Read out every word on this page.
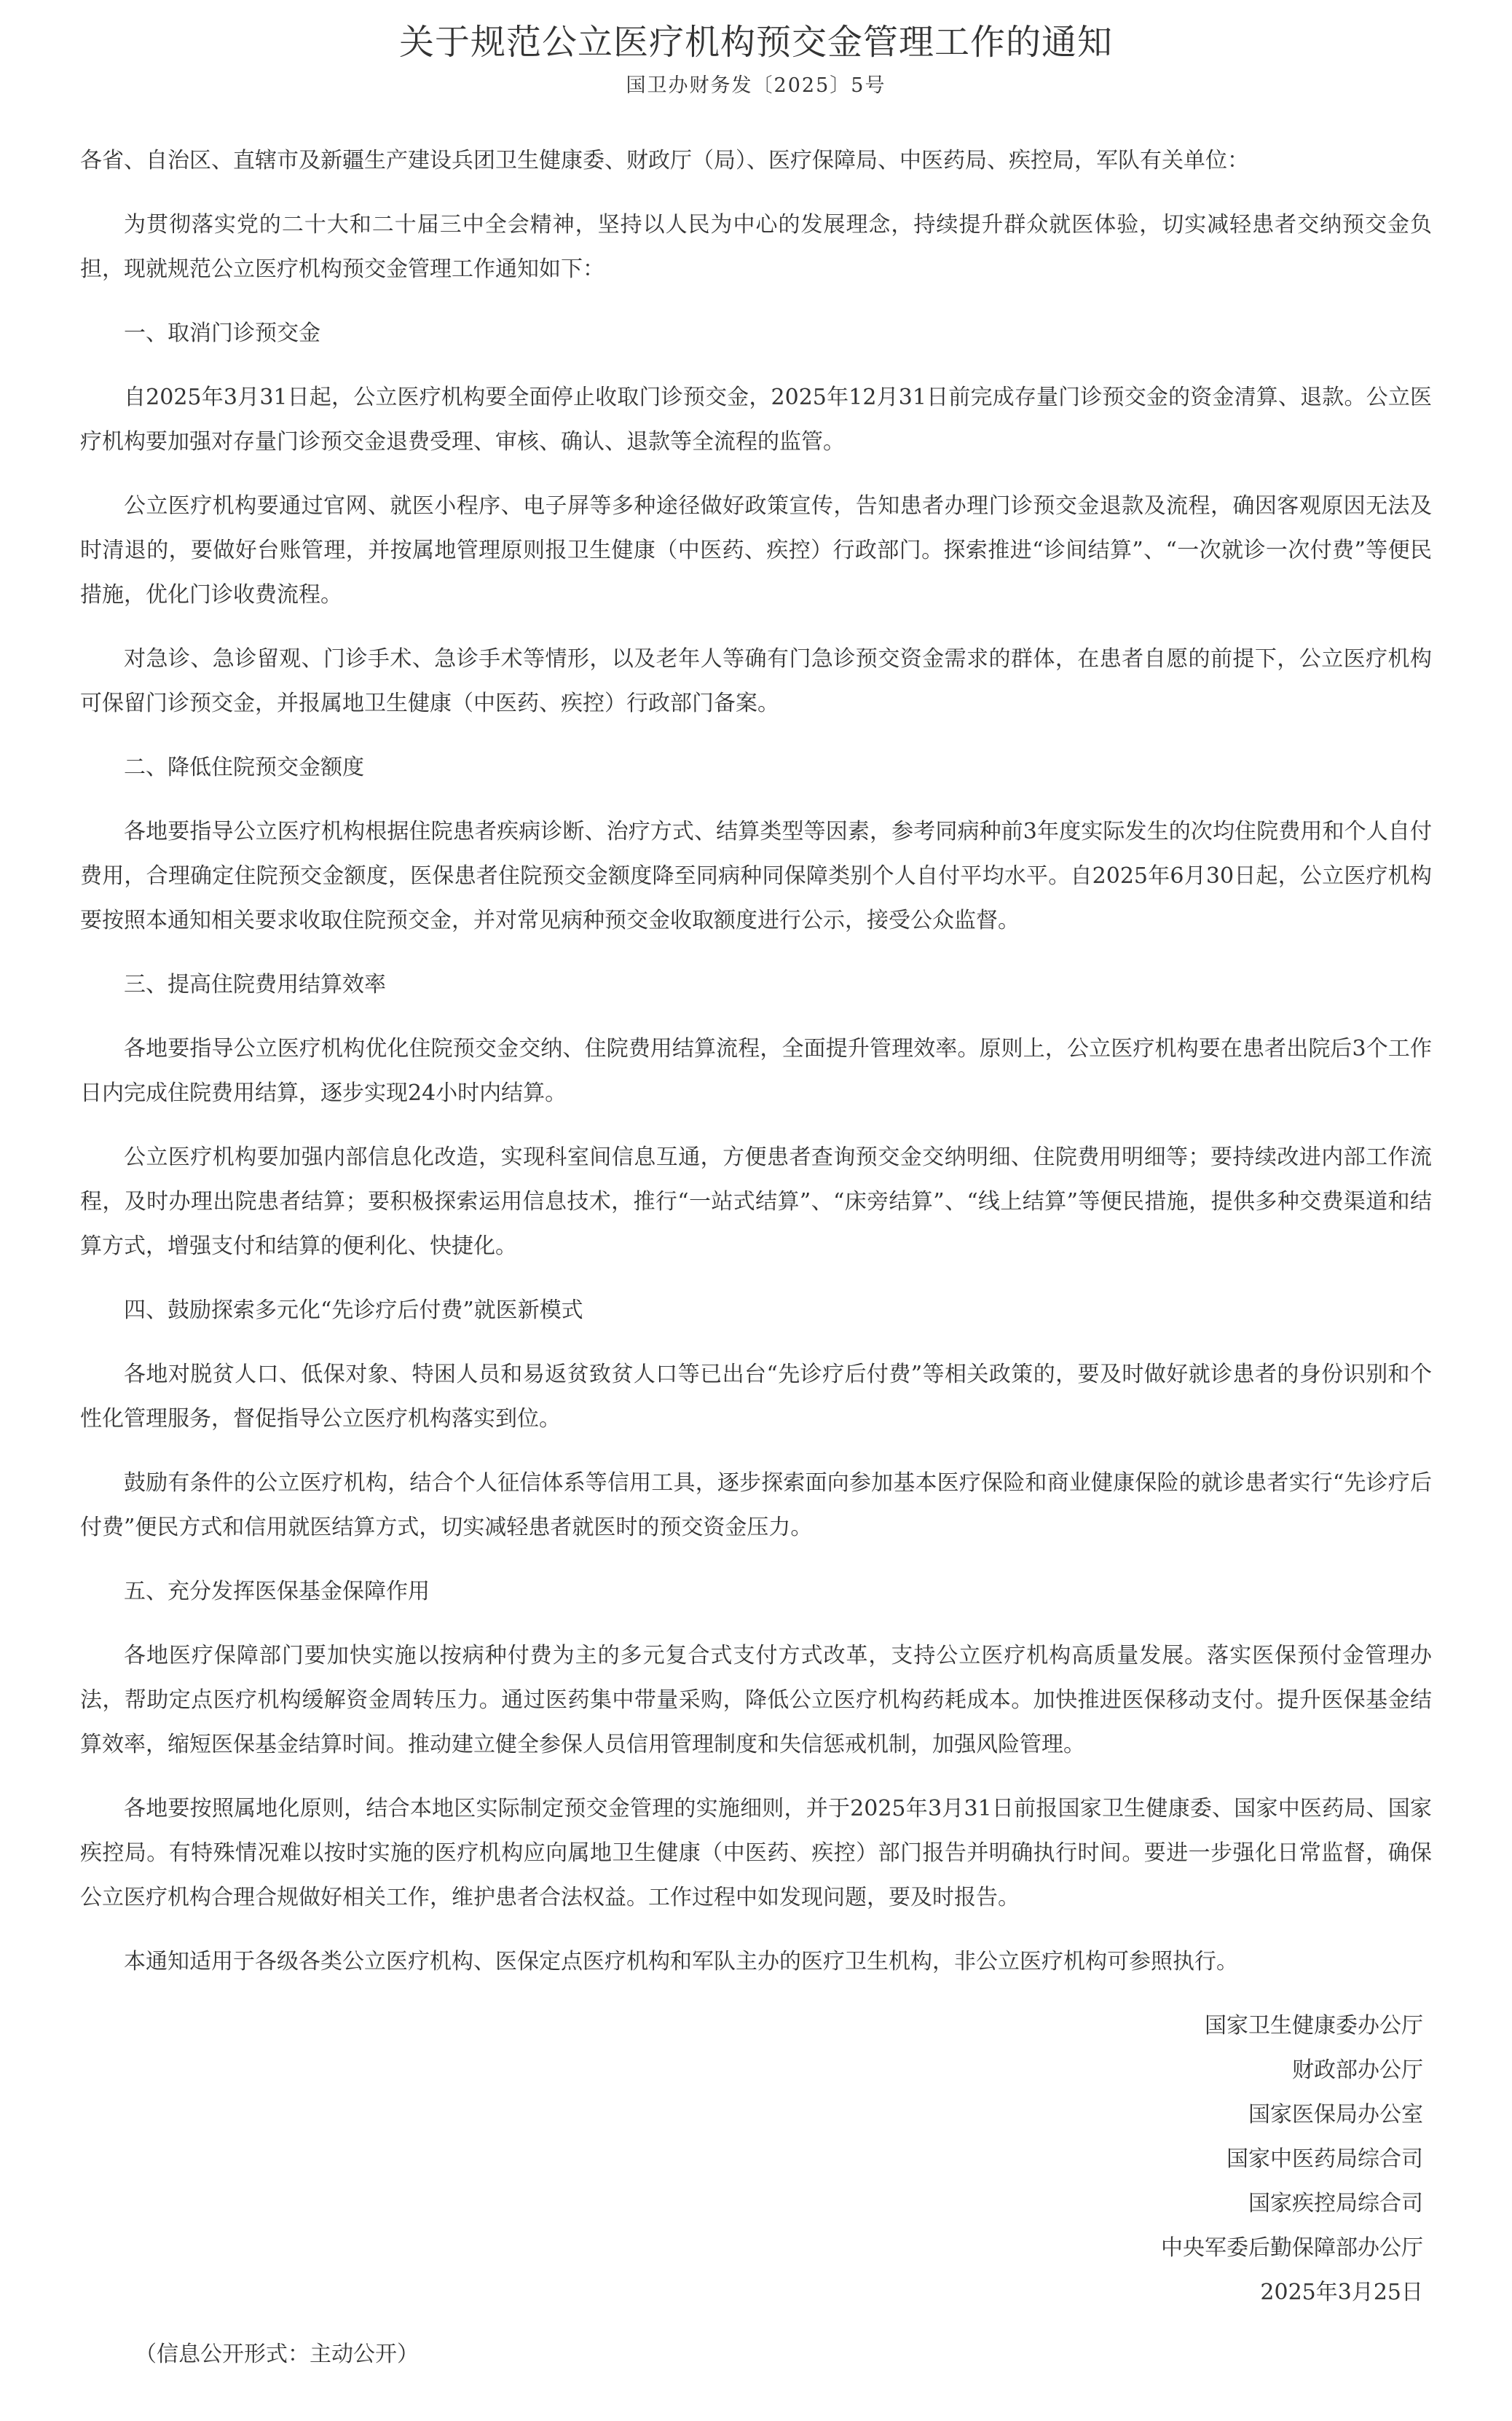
关于规范公立医疗机构预交金管理工作的通知
国卫办财务发〔2025〕5号

各省、自治区、直辖市及新疆生产建设兵团卫生健康委、财政厅（局）、医疗保障局、中医药局、疾控局，军队有关单位：

为贯彻落实党的二十大和二十届三中全会精神，坚持以人民为中心的发展理念，持续提升群众就医体验，切实减轻患者交纳预交金负担，现就规范公立医疗机构预交金管理工作通知如下：

一、取消门诊预交金

自2025年3月31日起，公立医疗机构要全面停止收取门诊预交金，2025年12月31日前完成存量门诊预交金的资金清算、退款。公立医疗机构要加强对存量门诊预交金退费受理、审核、确认、退款等全流程的监管。

公立医疗机构要通过官网、就医小程序、电子屏等多种途径做好政策宣传，告知患者办理门诊预交金退款及流程，确因客观原因无法及时清退的，要做好台账管理，并按属地管理原则报卫生健康（中医药、疾控）行政部门。探索推进“诊间结算”、“一次就诊一次付费”等便民措施，优化门诊收费流程。

对急诊、急诊留观、门诊手术、急诊手术等情形，以及老年人等确有门急诊预交资金需求的群体，在患者自愿的前提下，公立医疗机构可保留门诊预交金，并报属地卫生健康（中医药、疾控）行政部门备案。

二、降低住院预交金额度

各地要指导公立医疗机构根据住院患者疾病诊断、治疗方式、结算类型等因素，参考同病种前3年度实际发生的次均住院费用和个人自付费用，合理确定住院预交金额度，医保患者住院预交金额度降至同病种同保障类别个人自付平均水平。自2025年6月30日起，公立医疗机构要按照本通知相关要求收取住院预交金，并对常见病种预交金收取额度进行公示，接受公众监督。

三、提高住院费用结算效率

各地要指导公立医疗机构优化住院预交金交纳、住院费用结算流程，全面提升管理效率。原则上，公立医疗机构要在患者出院后3个工作日内完成住院费用结算，逐步实现24小时内结算。

公立医疗机构要加强内部信息化改造，实现科室间信息互通，方便患者查询预交金交纳明细、住院费用明细等；要持续改进内部工作流程，及时办理出院患者结算；要积极探索运用信息技术，推行“一站式结算”、“床旁结算”、“线上结算”等便民措施，提供多种交费渠道和结算方式，增强支付和结算的便利化、快捷化。

四、鼓励探索多元化“先诊疗后付费”就医新模式

各地对脱贫人口、低保对象、特困人员和易返贫致贫人口等已出台“先诊疗后付费”等相关政策的，要及时做好就诊患者的身份识别和个性化管理服务，督促指导公立医疗机构落实到位。

鼓励有条件的公立医疗机构，结合个人征信体系等信用工具，逐步探索面向参加基本医疗保险和商业健康保险的就诊患者实行“先诊疗后付费”便民方式和信用就医结算方式，切实减轻患者就医时的预交资金压力。

五、充分发挥医保基金保障作用

各地医疗保障部门要加快实施以按病种付费为主的多元复合式支付方式改革，支持公立医疗机构高质量发展。落实医保预付金管理办法，帮助定点医疗机构缓解资金周转压力。通过医药集中带量采购，降低公立医疗机构药耗成本。加快推进医保移动支付。提升医保基金结算效率，缩短医保基金结算时间。推动建立健全参保人员信用管理制度和失信惩戒机制，加强风险管理。

各地要按照属地化原则，结合本地区实际制定预交金管理的实施细则，并于2025年3月31日前报国家卫生健康委、国家中医药局、国家疾控局。有特殊情况难以按时实施的医疗机构应向属地卫生健康（中医药、疾控）部门报告并明确执行时间。要进一步强化日常监督，确保公立医疗机构合理合规做好相关工作，维护患者合法权益。工作过程中如发现问题，要及时报告。

本通知适用于各级各类公立医疗机构、医保定点医疗机构和军队主办的医疗卫生机构，非公立医疗机构可参照执行。

国家卫生健康委办公厅
财政部办公厅
国家医保局办公室
国家中医药局综合司
国家疾控局综合司
中央军委后勤保障部办公厅
2025年3月25日
（信息公开形式：主动公开）
